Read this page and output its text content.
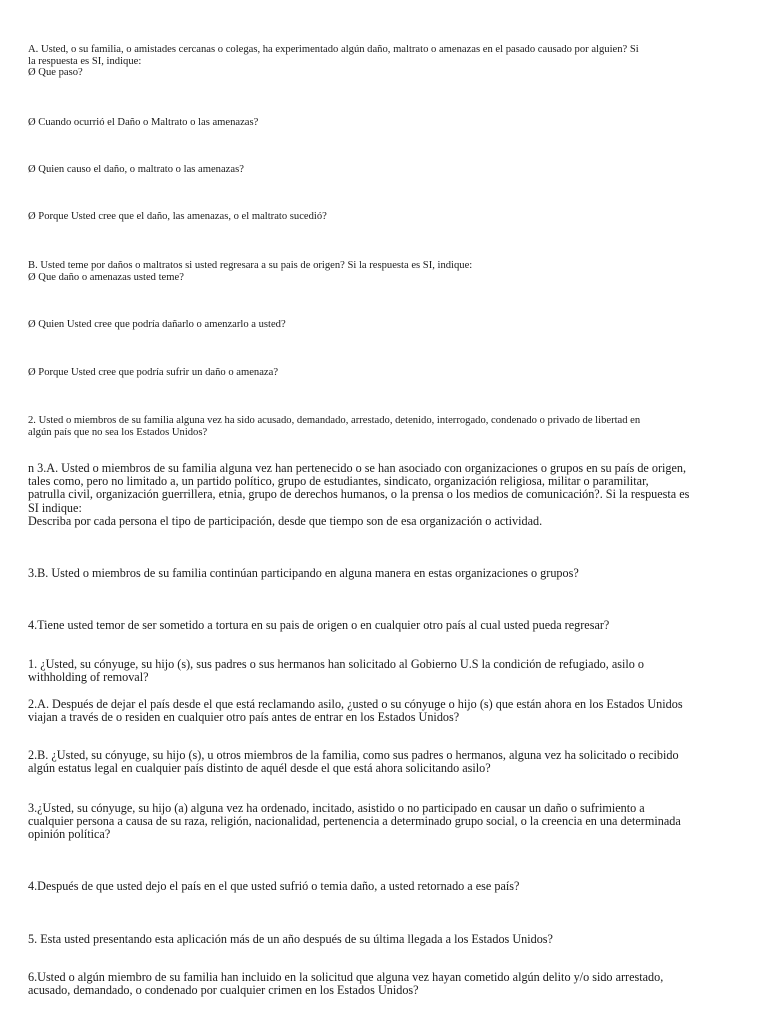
A. Usted, o su familia, o amistades cercanas o colegas, ha experimentado algún daño, maltrato o amenazas en el pasado causado por alguien? Si
la respuesta es SI, indique:
Ø Que paso?
Ø Cuando ocurrió el Daño o Maltrato o las amenazas?
Ø Quien causo el daño, o maltrato o las amenazas?
Ø Porque Usted cree que el daño, las amenazas, o el maltrato sucedió?
B. Usted teme por daños o maltratos si usted regresara a su pais de origen? Si la respuesta es SI, indique:
Ø Que daño o amenazas usted teme?
Ø Quien Usted cree que podría dañarlo o amenzarlo a usted?
Ø Porque Usted cree que podría sufrir un daño o amenaza?
2. Usted o miembros de su familia alguna vez ha sido acusado, demandado, arrestado, detenido, interrogado, condenado o privado de libertad en
algún país que no sea los Estados Unidos?
n 3.A. Usted o miembros de su familia alguna vez han pertenecido o se han asociado con organizaciones o grupos en su país de origen,
tales como, pero no limitado a, un partido político, grupo de estudiantes, sindicato, organización religiosa, militar o paramilitar,
patrulla civil, organización guerrillera, etnia, grupo de derechos humanos, o la prensa o los medios de comunicación?. Si la respuesta es
SI indique:
Describa por cada persona el tipo de participación, desde que tiempo son de esa organización o actividad.
3.B. Usted o miembros de su familia continúan participando en alguna manera en estas organizaciones o grupos?
4.Tiene usted temor de ser sometido a tortura en su pais de origen o en cualquier otro país al cual usted pueda regresar?
1. ¿Usted, su cónyuge, su hijo (s), sus padres o sus hermanos han solicitado al Gobierno U.S la condición de refugiado, asilo o
withholding of removal?
2.A. Después de dejar el país desde el que está reclamando asilo, ¿usted o su cónyuge o hijo (s) que están ahora en los Estados Unidos
viajan a través de o residen en cualquier otro país antes de entrar en los Estados Unidos?
2.B. ¿Usted, su cónyuge, su hijo (s), u otros miembros de la familia, como sus padres o hermanos, alguna vez ha solicitado o recibido
algún estatus legal en cualquier país distinto de aquél desde el que está ahora solicitando asilo?
3.¿Usted, su cónyuge, su hijo (a) alguna vez ha ordenado, incitado, asistido o no participado en causar un daño o sufrimiento a
cualquier persona a causa de su raza, religión, nacionalidad, pertenencia a determinado grupo social, o la creencia en una determinada
opinión política?
4.Después de que usted dejo el país en el que usted sufrió o temia daño, a usted retornado a ese país?
5. Esta usted presentando esta aplicación más de un año después de su última llegada a los Estados Unidos?
6.Usted o algún miembro de su familia han incluido en la solicitud que alguna vez hayan cometido algún delito y/o sido arrestado,
acusado, demandado, o condenado por cualquier crimen en los Estados Unidos?
